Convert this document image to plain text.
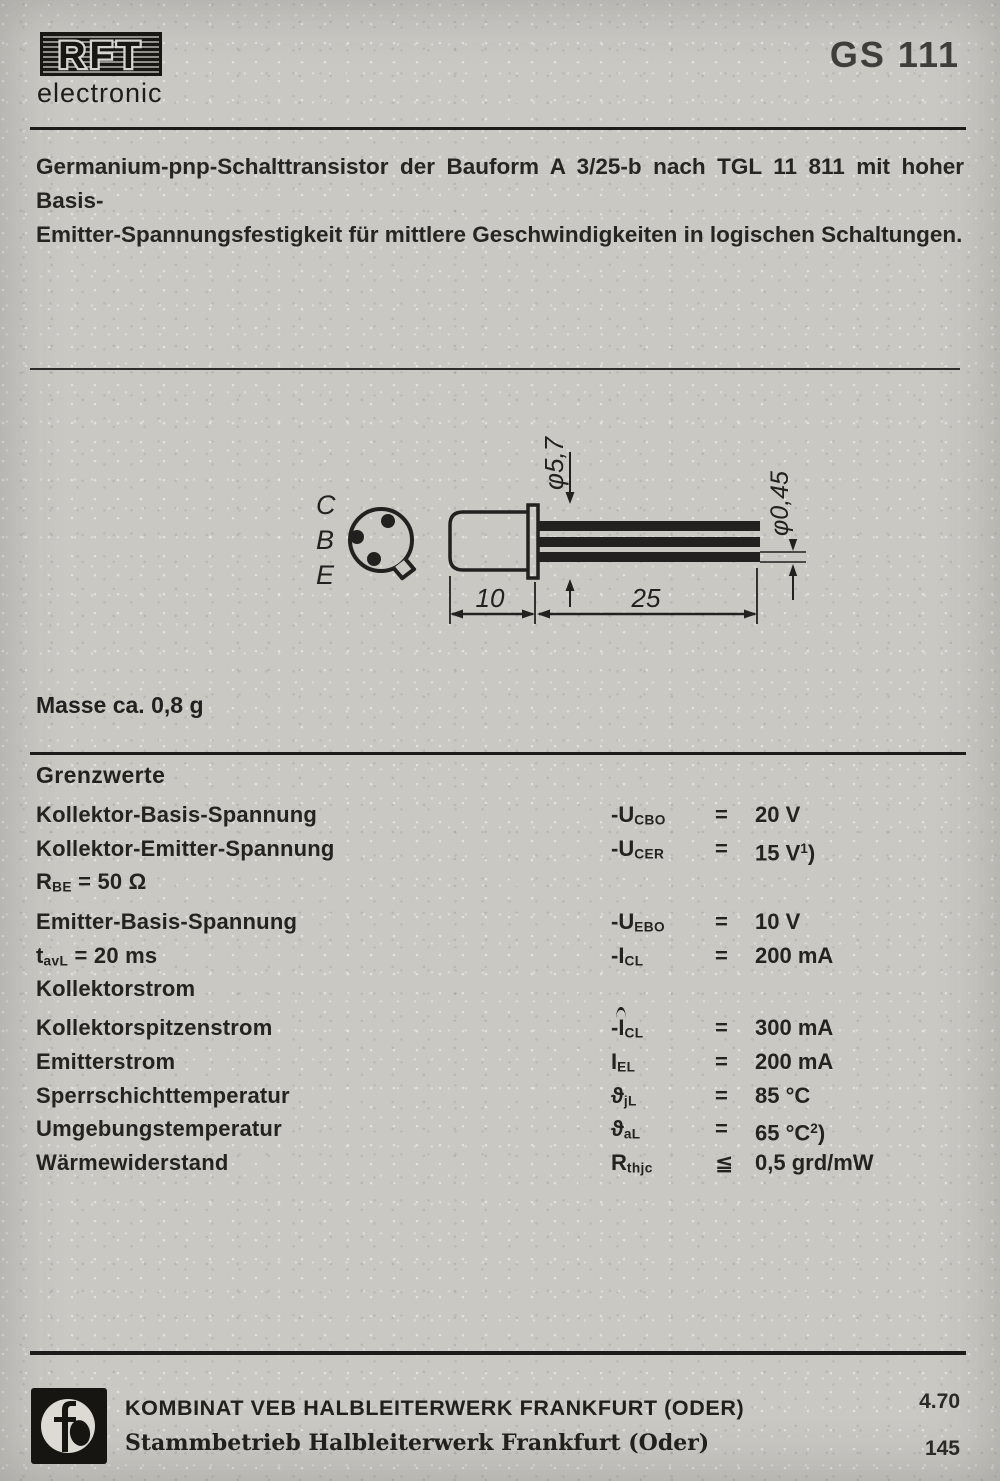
RFT
electronic
GS 111
Germanium-pnp-Schalttransistor der Bauform A 3/25-b nach TGL 11 811 mit hoher Basis-
Emitter-Spannungsfestigkeit für mittlere Geschwindigkeiten in logischen Schaltungen.
C
B
E
φ5,7
φ0,45
10	25
Masse ca. 0,8 g
Grenzwerte
Kollektor-Basis-Spannung	-UCBO	=	20 V
Kollektor-Emitter-Spannung	-UCER	=	15 $V^1$)
RBE = 50 Ω
Emitter-Basis-Spannung	-UEBO	=	10 V
tavL = 20 ms	-ICL	=	200 mA
Kollektorstrom
Kollektorspitzenstrom	-ICL	=	300 mA
Emitterstrom	IEL	=	200 mA
Sperrschichttemperatur	ϑjL	=	85 °C
Umgebungstemperatur	ϑaL	=	65 $^\circ C^2$)
Wärmewiderstand	Rthjc	≦ 0,5 grd/mW
KOMBINAT VEB HALBLEITERWERK FRANKFURT (ODER)
Stammbetrieb Halbleiterwerk Frankfurt (Oder)
4.70
145
